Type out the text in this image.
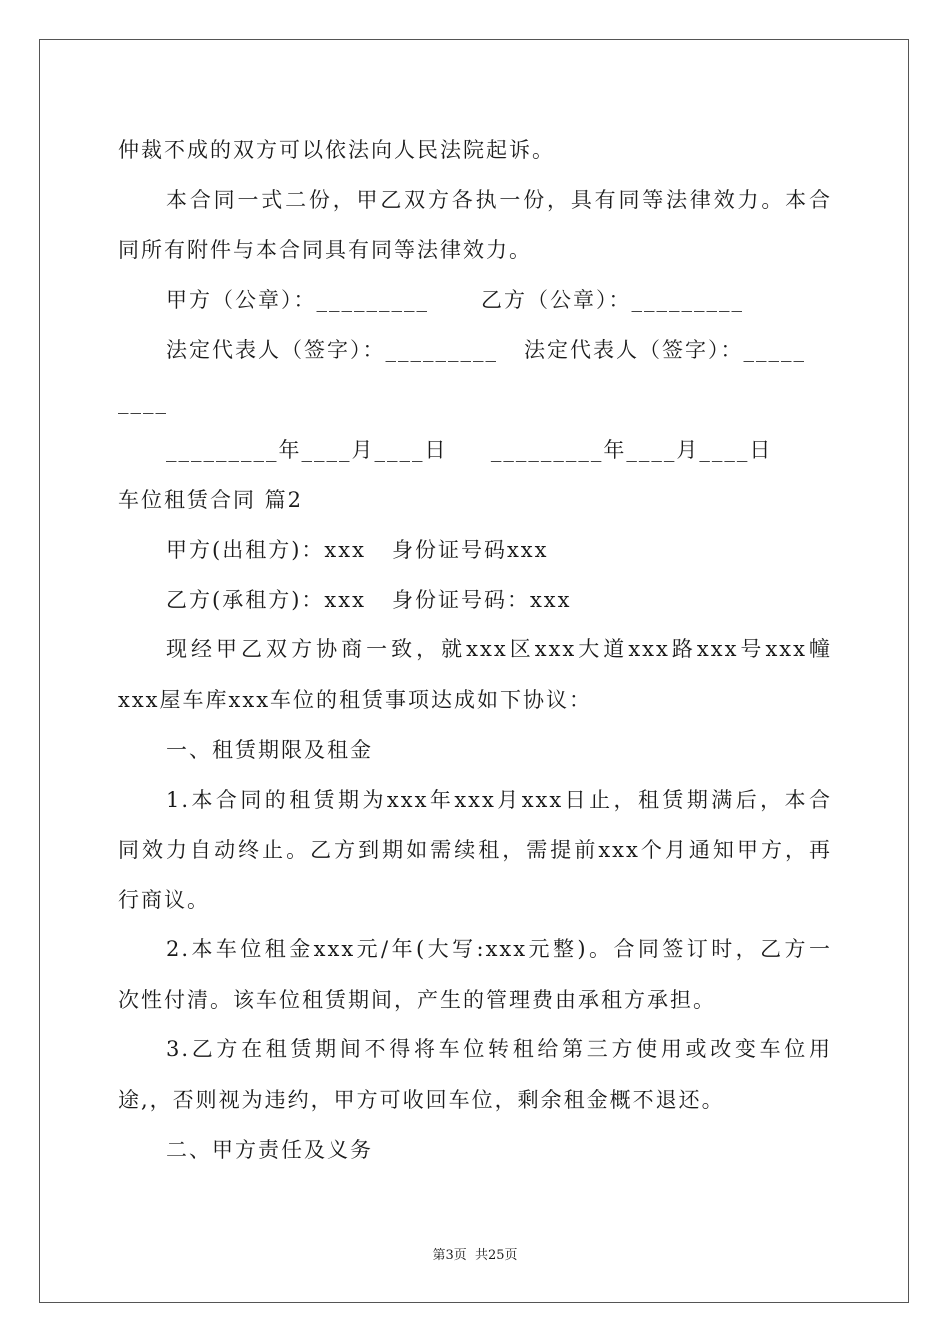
仲裁不成的双方可以依法向人民法院起诉。
本合同一式二份，甲乙双方各执一份，具有同等法律效力。本合
同所有附件与本合同具有同等法律效力。
甲方（公章）：_________      乙方（公章）：_________
法定代表人（签字）：_________   法定代表人（签字）：_____
____
_________年____月____日     _________年____月____日
车位租赁合同 篇2
甲方(出租方)：xxx   身份证号码xxx
乙方(承租方)：xxx   身份证号码：xxx
现经甲乙双方协商一致，就xxx区xxx大道xxx路xxx号xxx幢
xxx屋车库xxx车位的租赁事项达成如下协议：
一、租赁期限及租金
1.本合同的租赁期为xxx年xxx月xxx日止，租赁期满后，本合
同效力自动终止。乙方到期如需续租，需提前xxx个月通知甲方，再
行商议。
2.本车位租金xxx元/年(大写:xxx元整)。合同签订时，乙方一
次性付清。该车位租赁期间，产生的管理费由承租方承担。
3.乙方在租赁期间不得将车位转租给第三方使用或改变车位用
途,，否则视为违约，甲方可收回车位，剩余租金概不退还。
二、甲方责任及义务
第3页  共25页
